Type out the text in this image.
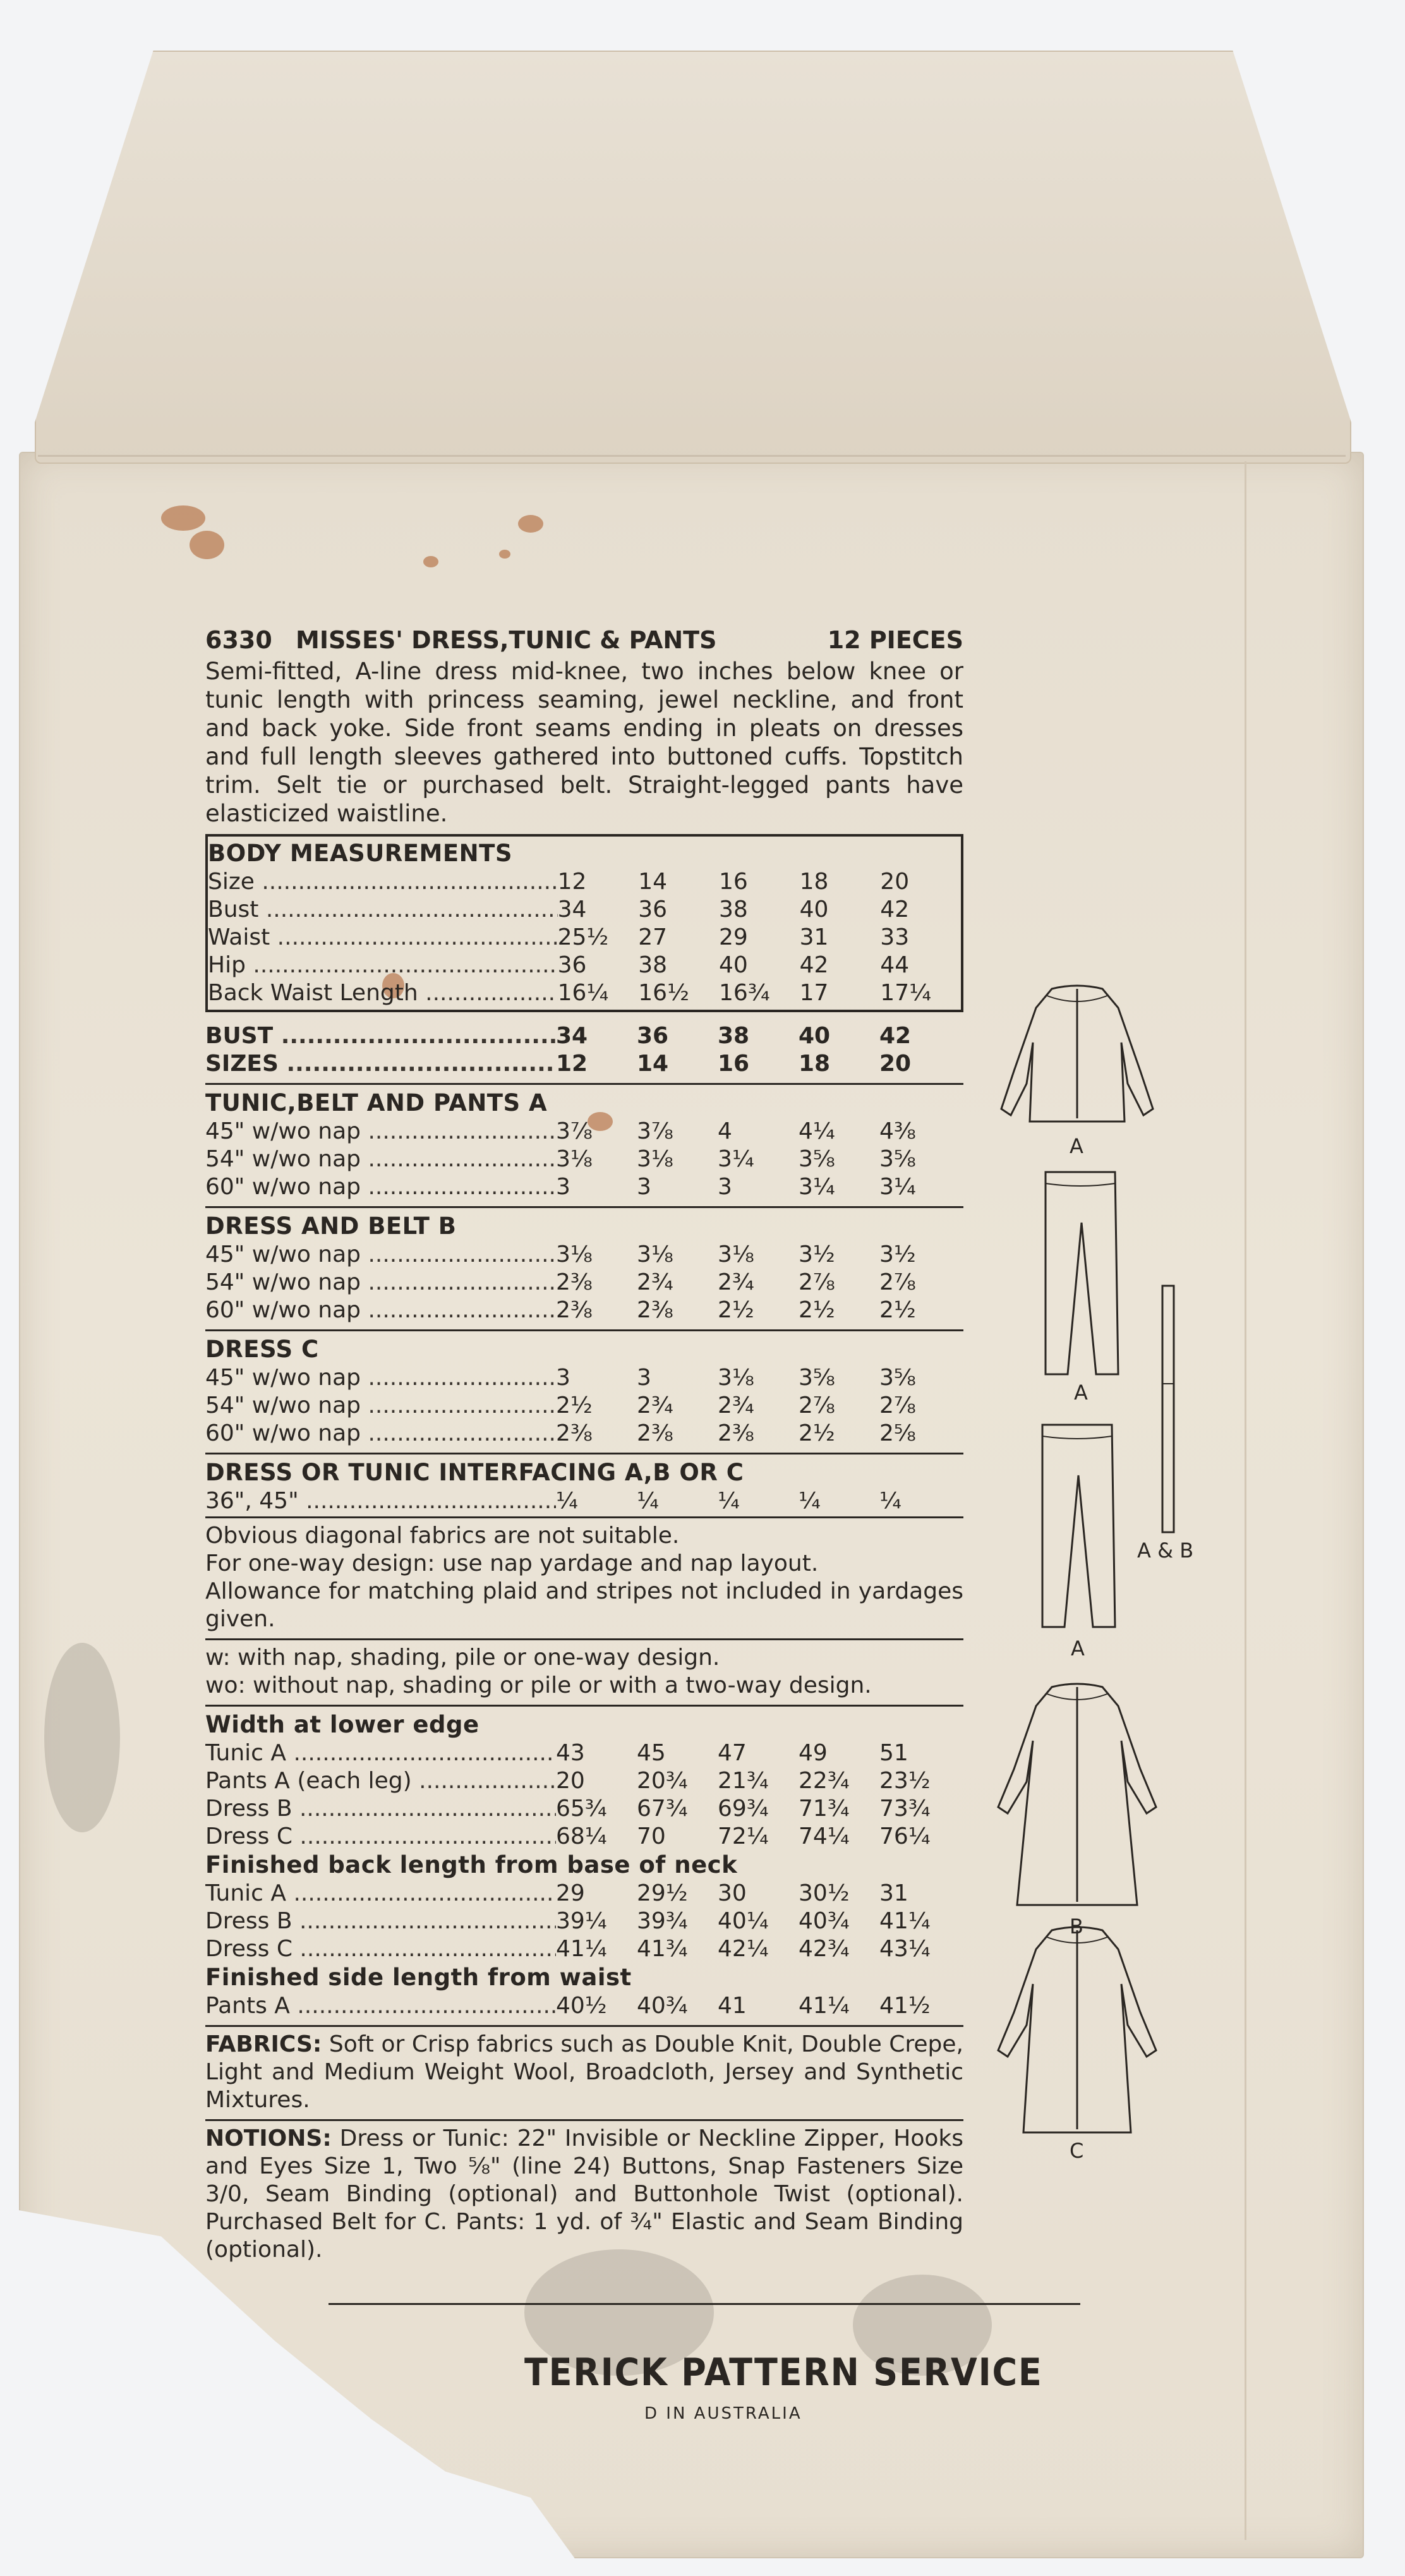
6330 MISSES' DRESS,TUNIC & PANTS	12 PIECES
Semi-fitted, A-line dress mid-knee, two inches below knee or tunic length with princess seaming, jewel neckline, and front and back yoke. Side front seams ending in pleats on dresses and full length sleeves gathered into buttoned cuffs. Topstitch trim. Selt tie or purchased belt. Straight-legged pants have elasticized waistline.
BODY MEASUREMENTS
Size .....	12	14	16	18	20
Bust .....	34	36	38	40	42
Waist .....	25½	27	29	31	33
Hip .....	36	38	40	42	44
Back Waist Length .....	16¼	16½	16¾	17	17¼
BUST .....	34	36	38	40	42
SIZES .....	12	14	16	18	20
TUNIC,BELT AND PANTS A
45" w/wo nap .....	3⅞	3⅞	4	4¼	4⅜
54" w/wo nap .....	3⅛	3⅛	3¼	3⅝	3⅝
60" w/wo nap .....	3	3	3	3¼	3¼
DRESS AND BELT B
45" w/wo nap .....	3⅛	3⅛	3⅛	3½	3½
54" w/wo nap .....	2⅜	2¾	2¾	2⅞	2⅞
60" w/wo nap .....	2⅜	2⅜	2½	2½	2½
DRESS C
45" w/wo nap .....	3	3	3⅛	3⅝	3⅝
54" w/wo nap .....	2½	2¾	2¾	2⅞	2⅞
60" w/wo nap .....	2⅜	2⅜	2⅜	2½	2⅝
DRESS OR TUNIC INTERFACING A,B OR C
36", 45" .....	¼	¼	¼	¼	¼
Obvious diagonal fabrics are not suitable.
For one-way design: use nap yardage and nap layout.
Allowance for matching plaid and stripes not included in yardages given.
w: with nap, shading, pile or one-way design.
wo: without nap, shading or pile or with a two-way design.
Width at lower edge
Tunic A .....	43	45	47	49	51
Pants A (each leg) .....	20	20¾	21¾	22¾	23½
Dress B .....	65¾	67¾	69¾	71¾	73¾
Dress C .....	68¼	70	72¼	74¼	76¼
Finished back length from base of neck
Tunic A .....	29	29½	30	30½	31
Dress B .....	39¼	39¾	40¼	40¾	41¼
Dress C .....	41¼	41¾	42¼	42¾	43¼
Finished side length from waist
Pants A .....	40½	40¾	41	41¼	41½
FABRICS: Soft or Crisp fabrics such as Double Knit, Double Crepe, Light and Medium Weight Wool, Broadcloth, Jersey and Synthetic Mixtures.
NOTIONS: Dress or Tunic: 22" Invisible or Neckline Zipper, Hooks and Eyes Size 1, Two ⅝" (line 24) Buttons, Snap Fasteners Size 3/0, Seam Binding (optional) and Buttonhole Twist (optional). Purchased Belt for C. Pants: 1 yd. of ¾" Elastic and Seam Binding (optional).
TERICK PATTERN SERVICE
D IN AUSTRALIA
A
A
A & B
A
B
C
